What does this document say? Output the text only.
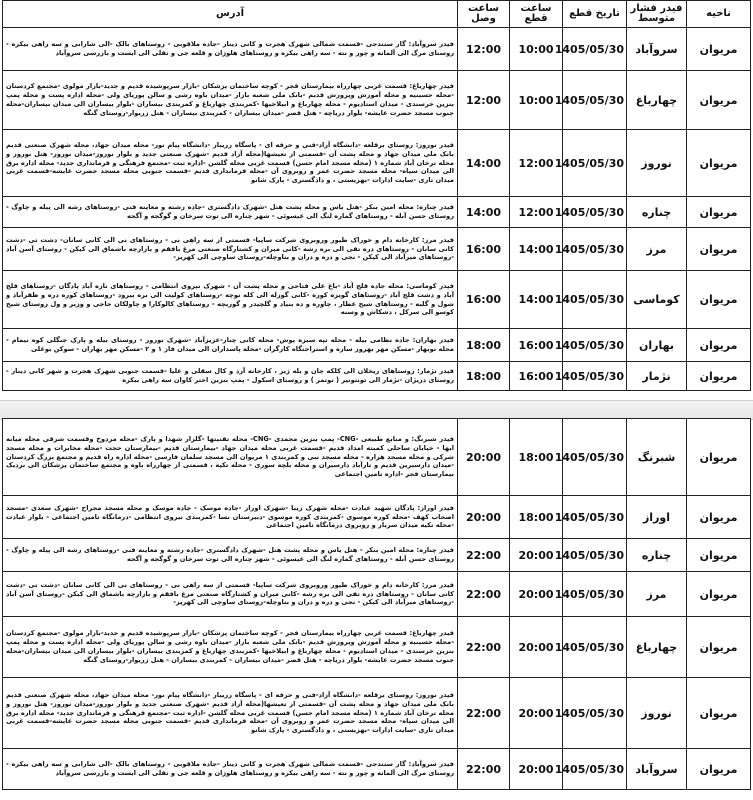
ناحیه	فیدر فشار متوسط	تاریخ قطع	ساعت قطع	ساعت وصل	آدرس
مریوان	سروآباد	1405/05/30	10:00	12:00	فیدر سروآباد: گاز سنندجی -قسمت شمالی شهرک هجرت و کانی دینار -جاده ملاقوبی - روستاهای بالک -الی شارانی و سه راهی بیکره - روستای مرگ الی آلمانه و چور و نته - سه راهی بیکره و روستاهای هلوژان و قلعه جی و تفلی الی ایست و بازرسی سروآباد
مریوان	چهارباغ	1405/05/30	10:00	12:00	فیدر چهارباغ: قسمت غربی چهارراه بیمارستان فجر - کوچه ساختمان پزشکان -بازار سرپوشیده قدیم و جدید-بازار مولوی -مجتمع کردستان -محله حسینیه و محله آموزش وپرورش قدیم -بانک ملی شعبه بازار -میدان باوه رشی و سالن پوریای ولی -محله اداره پست و محله پمپ بنزین خرسندی - میدان استادیوم - محله چهارباغ و ابیلاخیها -کمربندی چهارباغ و کمربندی بیساران -بلوار بیساران الی میدان بیساران-محله جنوب مسجد حضرت عایشه- بلوار دریاچه - هتل قصر -میدان بیساران - کمربندی بیساران - هتل زریوار-روستای گنگه
مریوان	نوروز	1405/05/30	12:00	14:00	فیدر نوروز: روستای برقلعه -دانشگاه آزاد-فنی و حرفه ای - پاسگاه زریبار -دانشگاه پیام نور- محله میدان جهاد، محله شهرک صنعتی قدیم بانک ملی میدان جهاد و محله پشت آن -قسمتی از تعیشها(محله آزاد قدیم -شهرک صنعتی جدید و بلوار نوروز-میدان نوروز- هتل نوروز و محله ترخان آباد شماره ۱ (محله مسجد امام حسن) قسمت غربی محله گلشن -اداره ثبت -مجتمع فرهنگی و فرمانداری جدید- محله اداره برق الی میدان سپاه- محله مسجد حضرت عمر و روبروی آن -محله فرمانداری قدیم -قسمت جنوبی محله مسجد حضرت عایشه-قسمت غربی میدان تاری -سایت ادارات -بهزیستی ، و دادگستری - پارک شانو
مریوان	چناره	1405/05/30	12:00	14:00	فیدر چناره: محله امین بنکر -هتل یاس و محله پشت هتل -شهرک دادگستری -جاده رشته و معاینه فنی -روستاهای رشه الی پیله و چاوگ - روستای حسن آبله - روستاهای گماره لنگ الی عیسوئی - شهر چناره الی توت سرخان و گوگجه و آگجه
مریوان	مرز	1405/05/30	14:00	16:00	فیدر مرز: کارخانه دام و خوراک طیور وروبروی شرکت ساپیا- قسمتی از سه راهی نی - روستاهای نی الی کانی سانان- دشت تی -دشت کانی سانان - روستاهای دره تفی الی بره رشه -کانی میران و کشتارگاه صنعتی مرغ بافقم و بازارچه باشماق الی کیکن - روستای آسن آباد -روستاهای میرآباد الی کیکن - نجی و دره و دران و بناوچله-روستای ساوچی الی کهریز-
مریوان	کوماسی	1405/05/30	14:00	16:00	فیدر کوماسی: محله جاده قلج آباد -باغ علی فتاحی و محله پشت آن - شهرک نیروی انتظامی - روستاهای نازه آباد پادگان -روستاهای قلج آباد و دشت قلج آباد -روستاهای گویزه کوره -کانی گوزله الی کله نوچه -روستاهای کولیت الی بره بیرود -روستاهای کوره دره و ظفرآباد و شول و گلبه - روستاهای شیخ عطار ، چاوره و ده بنیاد و گلچیدر و گوریچه - روستاهای کالوکارا و چاولکان حاجی و وزیر و ول روستای شیخ کوسو الی سرکل ، دشکاش و وسنه
مریوان	بهاران	1405/05/30	16:00	18:00	فیدر بهاران: جاده نظامی بیله - محله تپه سبزه پوش- محله کانی چنار-عزیزآباد -شهرک نوروز - روستای بیله و پارک جنگلی کوه نیمام - محله نوبهار -مسکن مهر بهروز سازه و استراحتگاه کارگران -محله پاسداران الی میدان فاز ۱ و ۲ -مسکن مهر بهاران - سوکن بوعلی
مریوان	نژمار	1405/05/30	16:00	18:00	فیدر نژمار: روستاهای ریخلان الی کلکه جان و بله ژیر ، کارخانه آرد و کال سقلی و علیا -قسمت جنوبی شهرک هجرت و شهر کانی دینار - روستای دریژان -نژمار الی تونتونیر ( توتمر ) و روستای اسکول - پمپ بنزین اختر کاوان سه راهی بیکره
مریوان	شبرنگ	1405/05/30	18:00	20:00	فیدر شبرنگ: و منابع طبیعی -CNG- پمپ بنزین محمدی -CNG- محله تفنیتها -گلزار شهدا و پارک -محله مردوخ وقسمت شرقی محله میانه ایها - خیابان ساحلی کمیته امداد قدیم -قسمت غربی محله میدان جهاد -بیمارستان قدیم -بیمارستان حجت -محله مخابرات و محله مسجد شرکی و محله مسجد هزاره - محله مسجد نبی و کمربندی ۱ مریوان الی مسجد سلمان فارسی -محله اداره راه قدیم و مجتمع بزرگ کردستان -میدان دارسیرین قدیم و تارآباد دارسیران و محله بلچه سوری - محله تکیه ، قسمتی از چهارراه باوه و مجتمع ساختمان پزشکان الی نزدیک بیمارستان فجر -اداره تامین اجتماعی
مریوان	اوراز	1405/05/30	18:00	20:00	فیدر اوراز: پادگان شهید عبادت -محله شهرک زیبا -شهرک اوراز -جاده موسک - جاده موسک و محله مسجد مجراح -شهرک سعدی -مسجد اصحاب کهف -محله کوره موسوی -کمربندی کوره موسوی -دبیرستان نسا -کمربندی نیروی انتظامی -درمانگاه تامین اجتماعی - بلوار عبادت -محله تکیه میدان سرباز و روبروی درمانگاه تامین اجتماعی
مریوان	چناره	1405/05/30	20:00	22:00	فیدر چناره: محله امین بنکر - هتل یاس و محله پشت هتل -شهرک دادگستری -جاده رشته و معاینه فنی -روستاهای رشه الی پیله و چاوگ - روستای حسن آبله - روستاهای گماره لنگ الی عیسوئی - شهر چناره الی توت سرخان و گوگجه و آگجه
مریوان	مرز	1405/05/30	20:00	22:00	فیدر مرز: کارخانه دام و خوراک طیور وروبروی شرکت ساپیا- قسمتی از سه راهی نی - روستاهای نی الی کانی سانان -دشت تی -دشت کانی سانان - روستاهای دره تفی الی بره رشه -کانی میران و کشتارگاه صنعتی مرغ بافقم و بازارچه باشماق الی کیکن -روستای آسن آباد -روستاهای میرآباد الی کیکن - نجی و دره و دران و بناوچله-روستای ساوچی الی کهریز-
مریوان	چهارباغ	1405/05/30	20:00	22:00	فیدر چهارباغ: قسمت غربی چهارراه بیمارستان فجر - کوچه ساختمان پزشکان -بازار سرپوشیده قدیم و جدید-بازار مولوی -مجتمع کردستان -محله حسینیه و محله آموزش وپرورش قدیم -بانک ملی شعبه بازار -میدان باوه رشی و سالن پوریای ولی -محله اداره پست و محله پمپ بنزین خرسندی - میدان استادیوم - محله چهارباغ و ابیلاخیها -کمربندی چهارباغ و کمربندی بیساران -بلوار بیساران الی میدان بیساران-محله جنوب مسجد حضرت عایشه- بلوار دریاچه - هتل قصر -میدان بیساران - کمربندی بیساران - هتل زریوار-روستای گنگه
مریوان	نوروز	1405/05/30	20:00	22:00	فیدر نوروز: روستای برقلعه -دانشگاه آزاد-فنی و حرفه ای - پاسگاه زریبار -دانشگاه پیام نور- محله میدان جهاد، محله شهرک صنعتی قدیم بانک ملی میدان جهاد و محله پشت آن -قسمتی از تعیشها(محله آزاد قدیم -شهرک صنعتی جدید و بلوار نوروز-میدان نوروز- هتل نوروز و محله ترخان آباد شماره ۱ (محله مسجد امام حسن) قسمت غربی محله گلشن -اداره ثبت -مجتمع فرهنگی و فرمانداری جدید- محله اداره برق الی میدان سپاه- محله مسجد حضرت عمر و روبروی آن -محله فرمانداری قدیم -قسمت جنوبی محله مسجد حضرت عایشه-قسمت غربی میدان تاری -سایت ادارات -بهزیستی ، و دادگستری - پارک شانو
مریوان	سروآباد	1405/05/30	20:00	22:00	فیدر سروآباد: گاز سنندجی -قسمت شمالی شهرک هجرت و کانی دینار -جاده ملاقوبی - روستاهای بالک -الی شارانی و سه راهی بیکره - روستای مرگ الی آلمانه و چور و نته - سه راهی بیکره و روستاهای هلوژان و قلعه جی و تفلی الی ایست و بازرسی سروآباد
